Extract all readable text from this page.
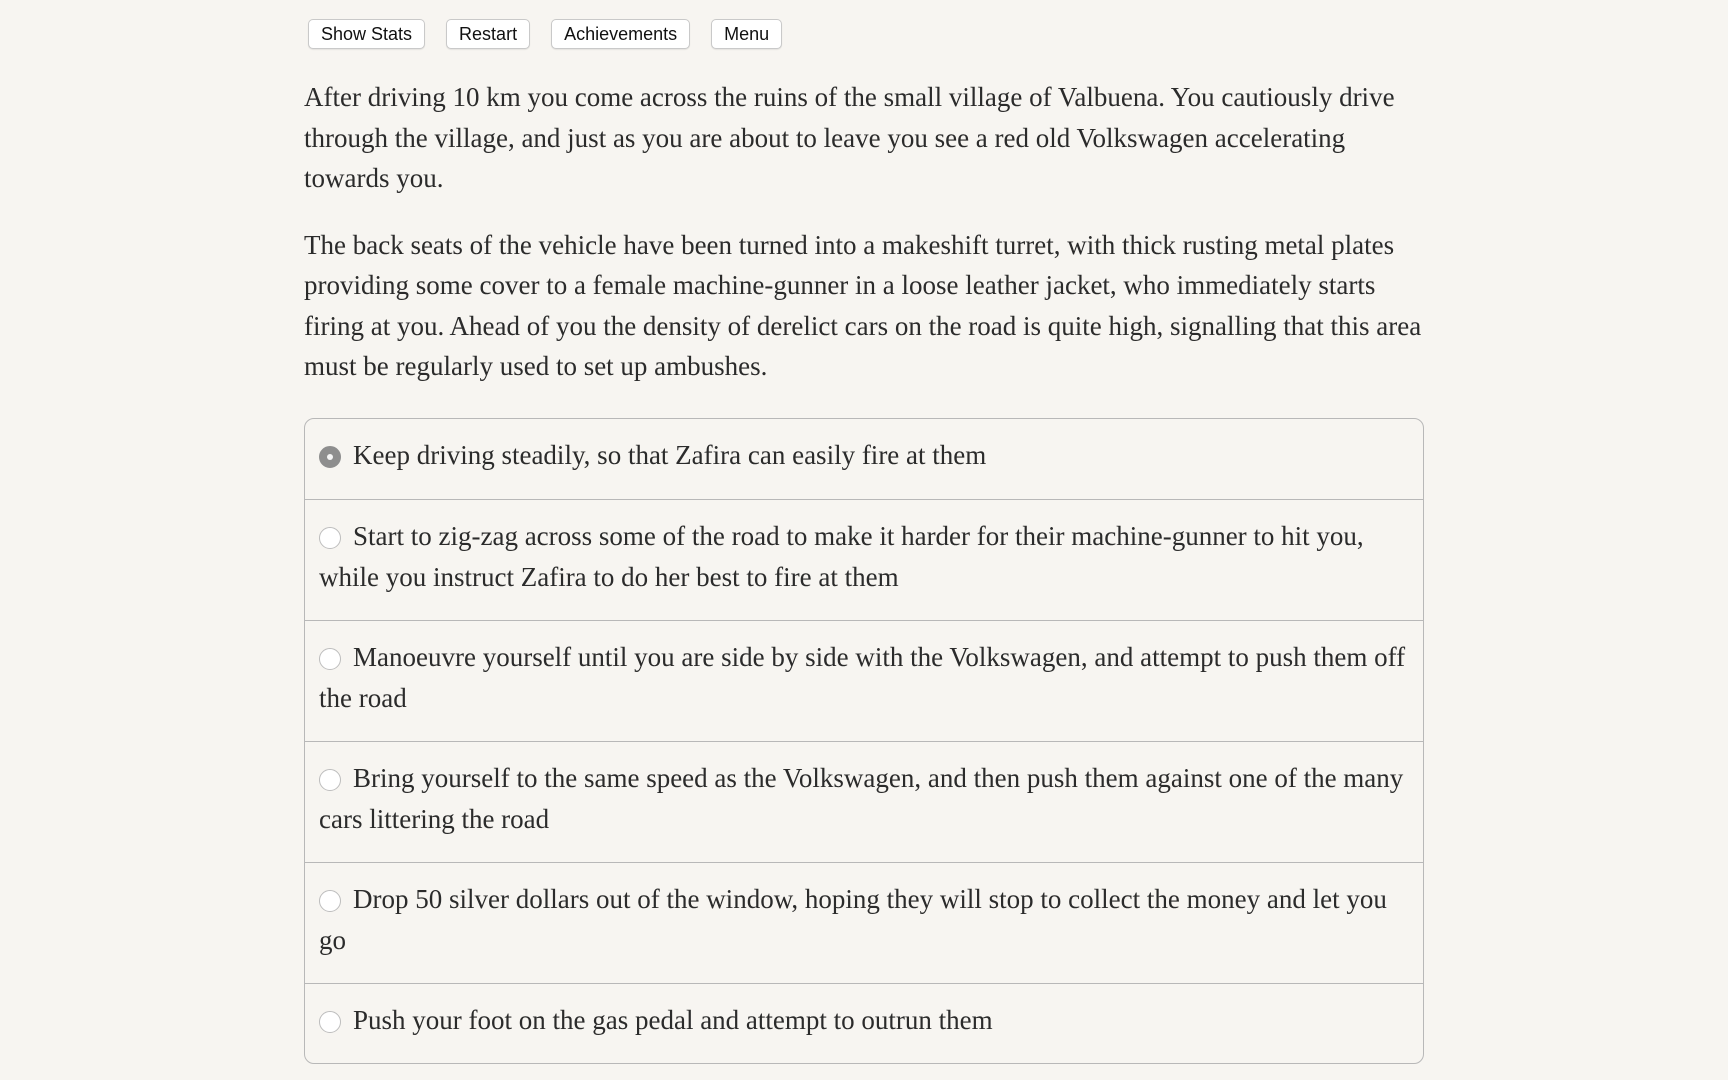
Show Stats	Restart	Achievements	Menu

After driving 10 km you come across the ruins of the small village of Valbuena. You cautiously drive through the village, and just as you are about to leave you see a red old Volkswagen accelerating towards you.

The back seats of the vehicle have been turned into a makeshift turret, with thick rusting metal plates providing some cover to a female machine-gunner in a loose leather jacket, who immediately starts firing at you. Ahead of you the density of derelict cars on the road is quite high, signalling that this area must be regularly used to set up ambushes.

Keep driving steadily, so that Zafira can easily fire at them
Start to zig-zag across some of the road to make it harder for their machine-gunner to hit you, while you instruct Zafira to do her best to fire at them
Manoeuvre yourself until you are side by side with the Volkswagen, and attempt to push them off the road
Bring yourself to the same speed as the Volkswagen, and then push them against one of the many cars littering the road
Drop 50 silver dollars out of the window, hoping they will stop to collect the money and let you go
Push your foot on the gas pedal and attempt to outrun them
